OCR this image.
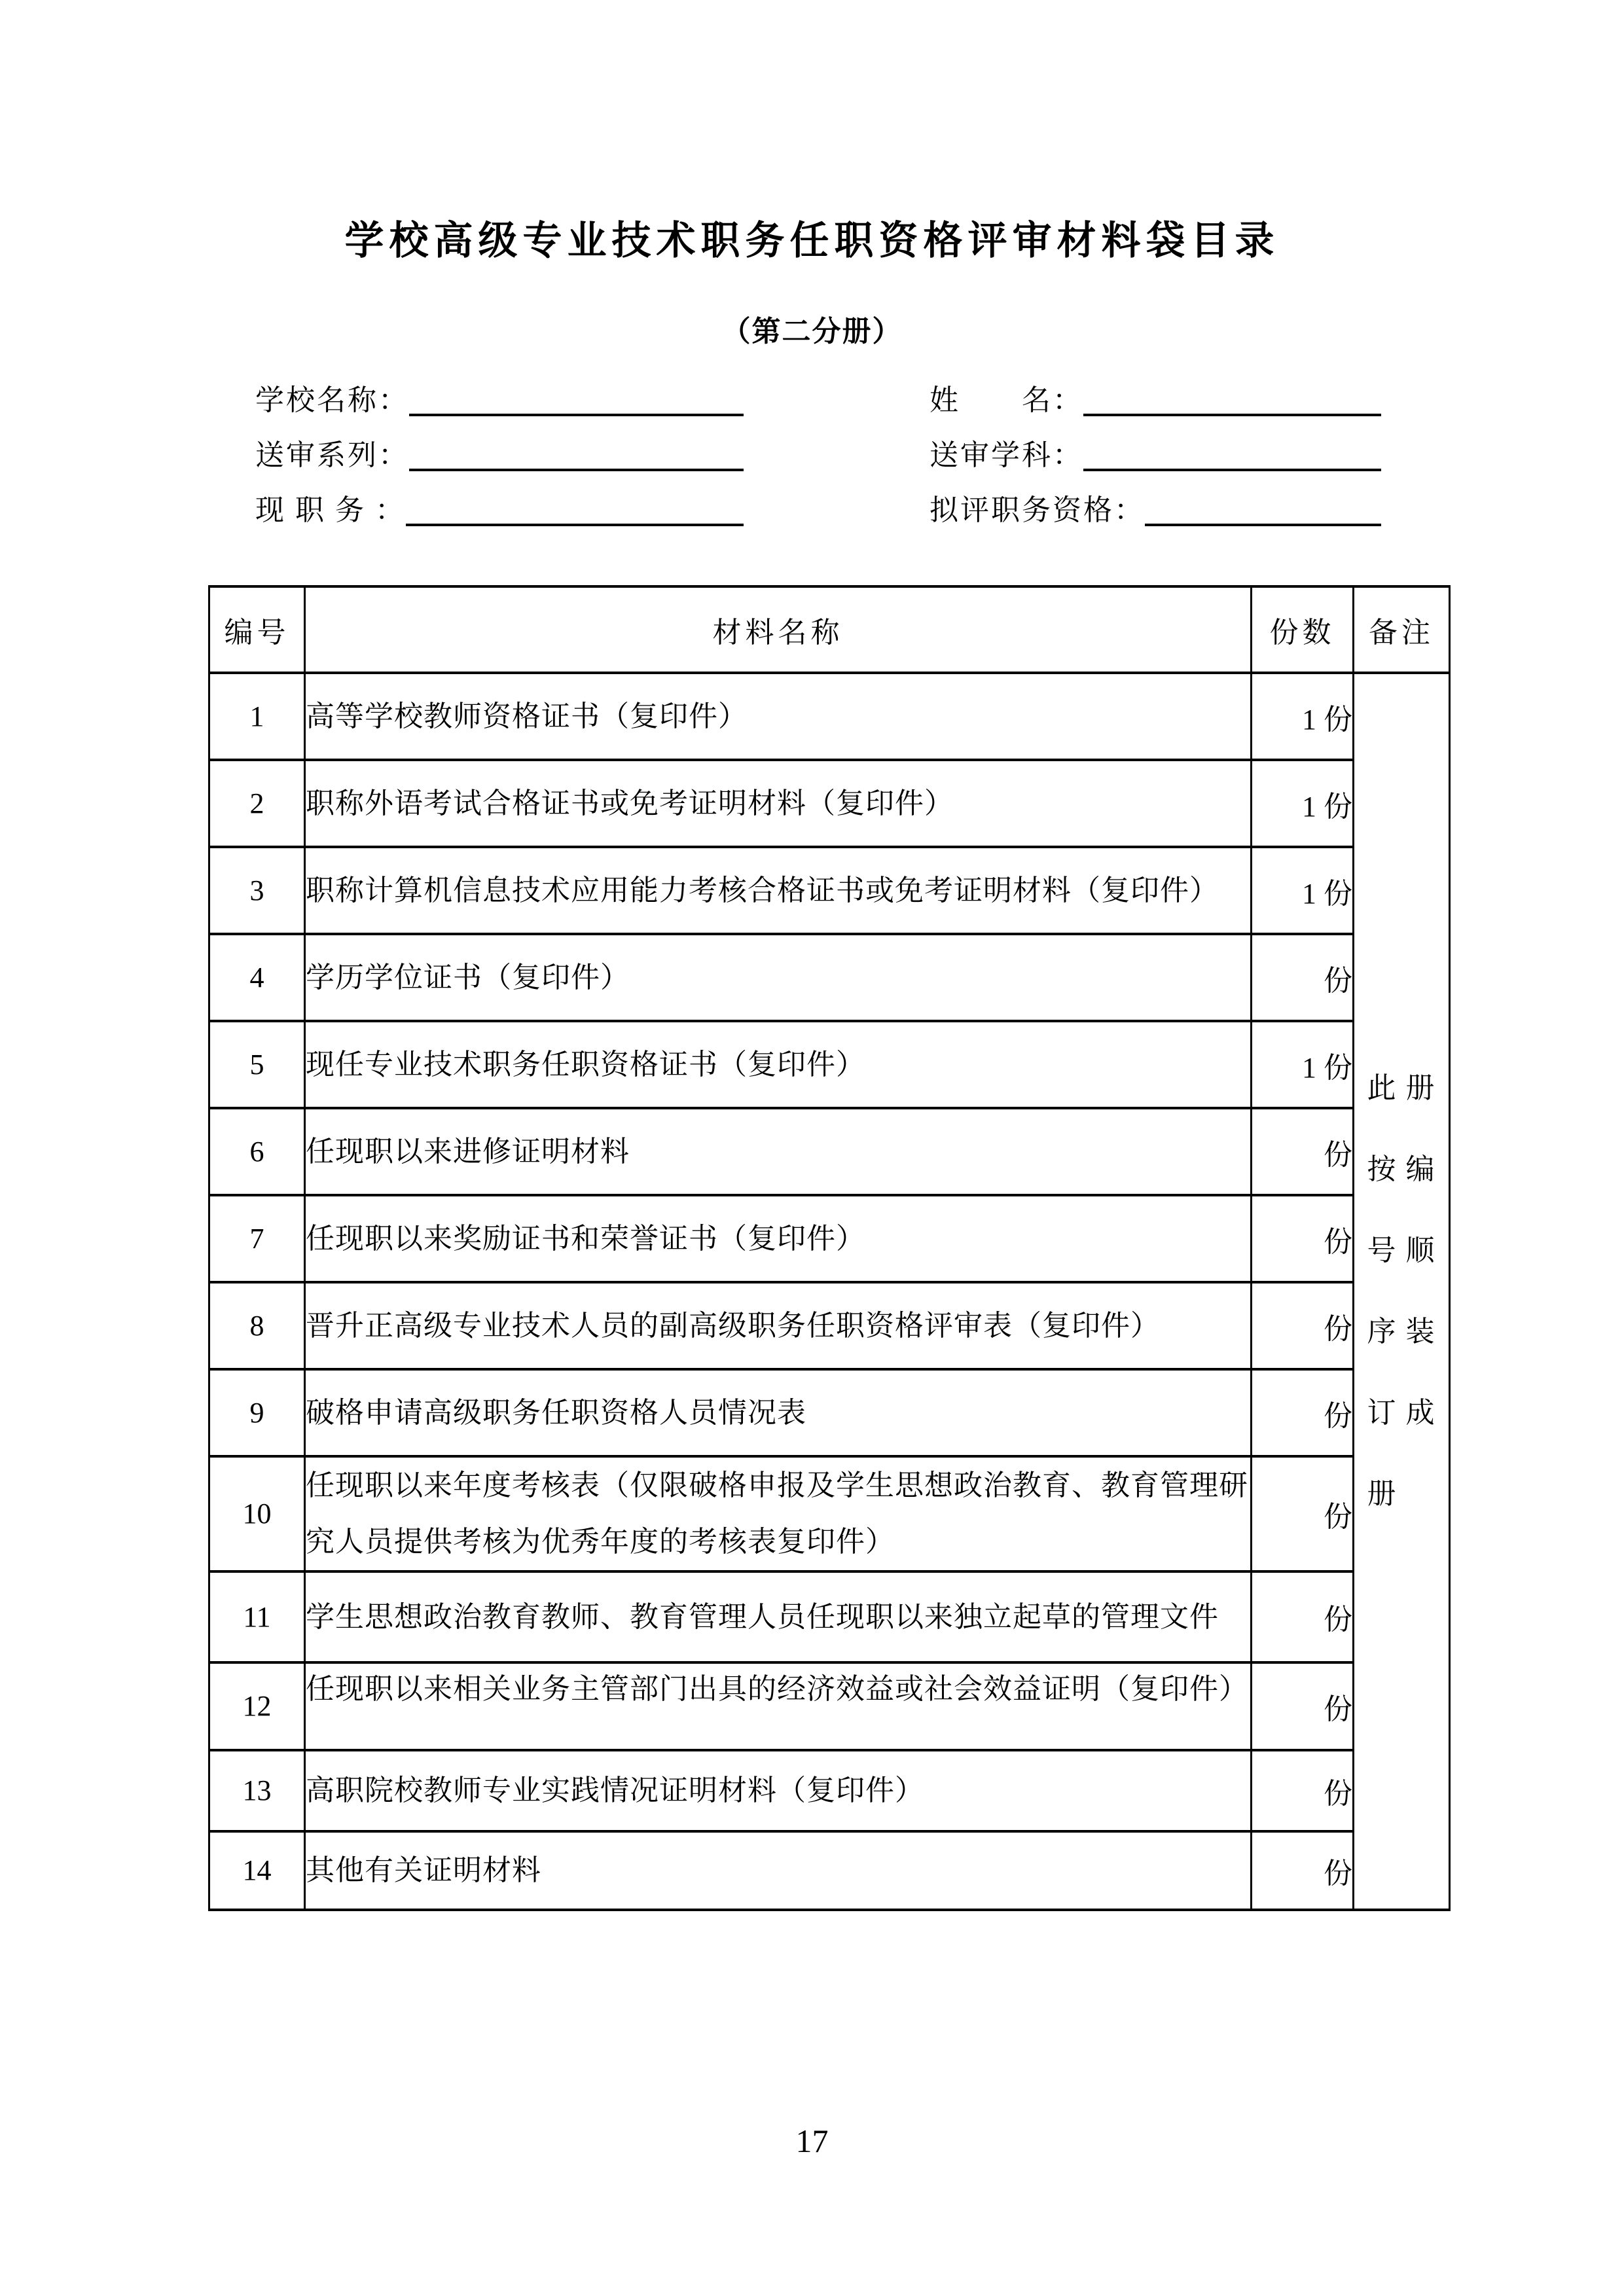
学校高级专业技术职务任职资格评审材料袋目录
（第二分册）
学校名称：
送审系列：
现 职 务 ：
姓　　名：
送审学科：
拟评职务资格：
编号	材料名称	份数	备注
1	高等学校教师资格证书（复印件）	1 份	
此 册
按 编
号 顺
序 装
订 成
册

2	职称外语考试合格证书或免考证明材料（复印件）	1 份	
3	职称计算机信息技术应用能力考核合格证书或免考证明材料（复印件）	1 份	
4	学历学位证书（复印件）	份	
5	现任专业技术职务任职资格证书（复印件）	1 份	
6	任现职以来进修证明材料	份	
7	任现职以来奖励证书和荣誉证书（复印件）	份	
8	晋升正高级专业技术人员的副高级职务任职资格评审表（复印件）	份	
9	破格申请高级职务任职资格人员情况表	份	
10	任现职以来年度考核表（仅限破格申报及学生思想政治教育、教育管理研究人员提供考核为优秀年度的考核表复印件）	份	
11	学生思想政治教育教师、教育管理人员任现职以来独立起草的管理文件	份	
12	任现职以来相关业务主管部门出具的经济效益或社会效益证明（复印件）	份	
13	高职院校教师专业实践情况证明材料（复印件）	份	
14	其他有关证明材料	份	
17
